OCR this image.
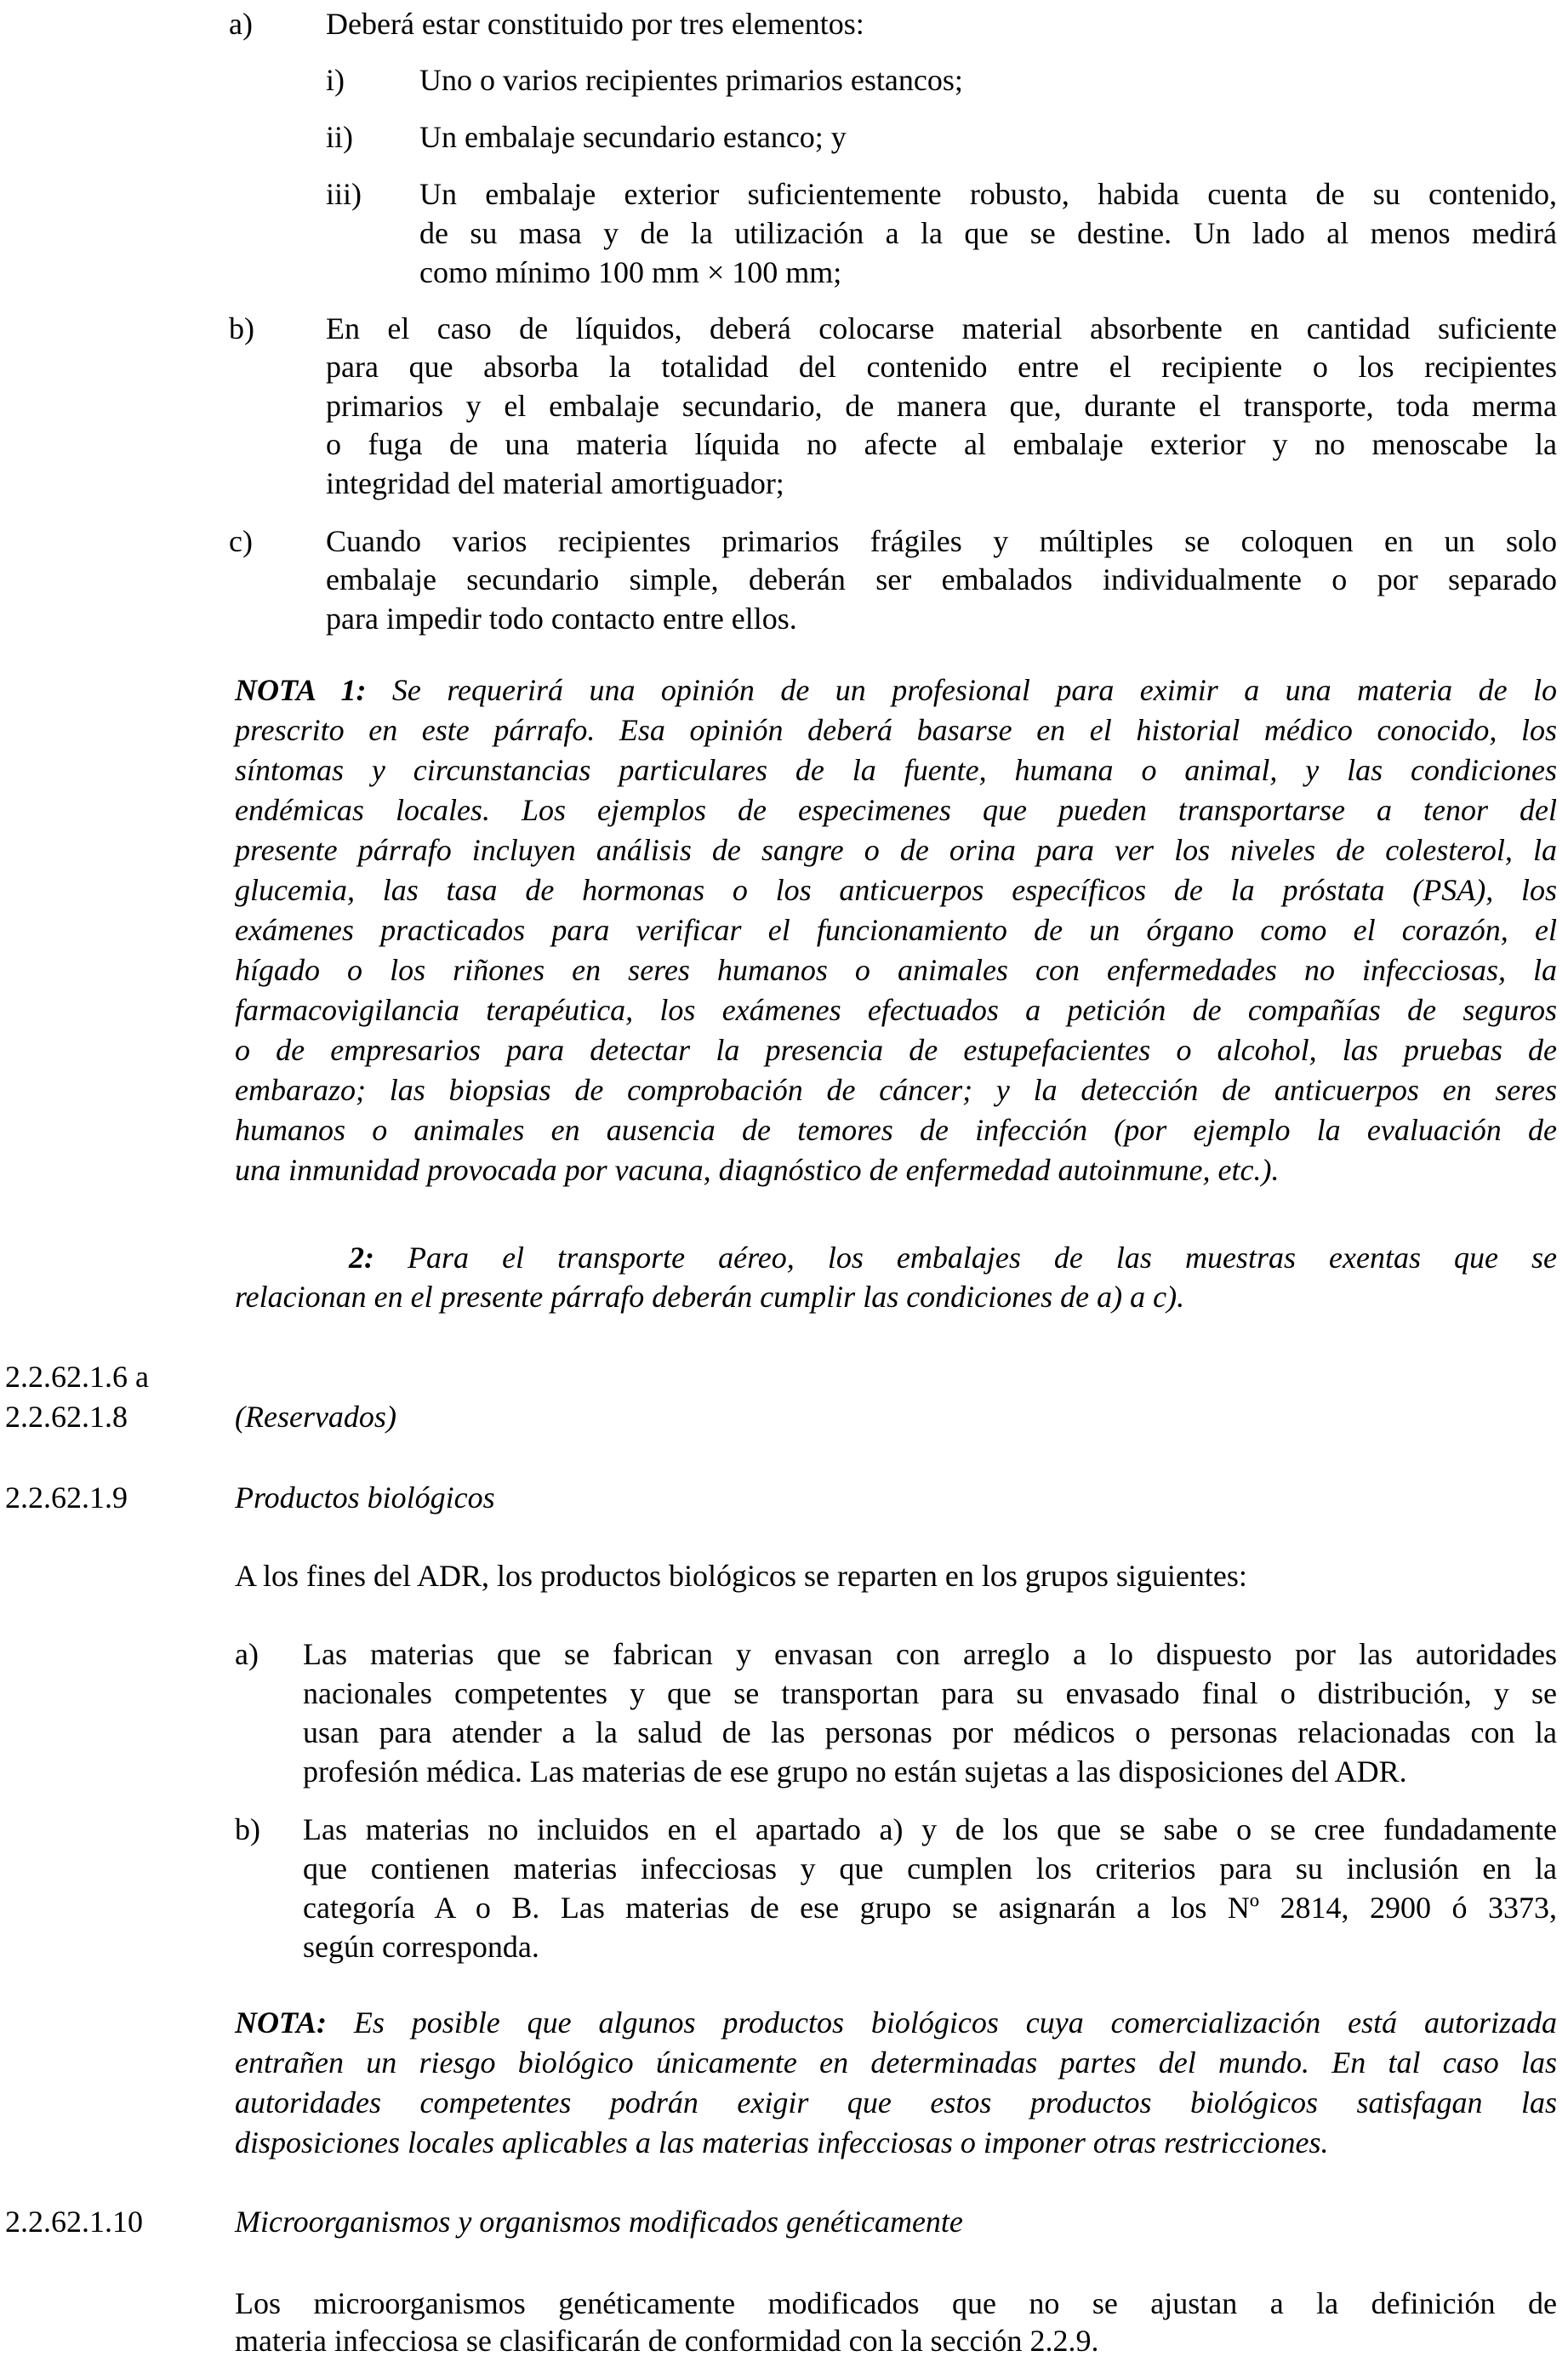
a) Deberá estar constituido por tres elementos:
i) Uno o varios recipientes primarios estancos;
ii) Un embalaje secundario estanco; y
iii) Un embalaje exterior suficientemente robusto, habida cuenta de su contenido,
de su masa y de la utilización a la que se destine. Un lado al menos medirá
como mínimo 100 mm × 100 mm;
b) En el caso de líquidos, deberá colocarse material absorbente en cantidad suficiente
para que absorba la totalidad del contenido entre el recipiente o los recipientes
primarios y el embalaje secundario, de manera que, durante el transporte, toda merma
o fuga de una materia líquida no afecte al embalaje exterior y no menoscabe la
integridad del material amortiguador;
c) Cuando varios recipientes primarios frágiles y múltiples se coloquen en un solo
embalaje secundario simple, deberán ser embalados individualmente o por separado
para impedir todo contacto entre ellos.
NOTA 1: Se requerirá una opinión de un profesional para eximir a una materia de lo
prescrito en este párrafo. Esa opinión deberá basarse en el historial médico conocido, los
síntomas y circunstancias particulares de la fuente, humana o animal, y las condiciones
endémicas locales. Los ejemplos de especimenes que pueden transportarse a tenor del
presente párrafo incluyen análisis de sangre o de orina para ver los niveles de colesterol, la
glucemia, las tasa de hormonas o los anticuerpos específicos de la próstata (PSA), los
exámenes practicados para verificar el funcionamiento de un órgano como el corazón, el
hígado o los riñones en seres humanos o animales con enfermedades no infecciosas, la
farmacovigilancia terapéutica, los exámenes efectuados a petición de compañías de seguros
o de empresarios para detectar la presencia de estupefacientes o alcohol, las pruebas de
embarazo; las biopsias de comprobación de cáncer; y la detección de anticuerpos en seres
humanos o animales en ausencia de temores de infección (por ejemplo la evaluación de
una inmunidad provocada por vacuna, diagnóstico de enfermedad autoinmune, etc.).
2: Para el transporte aéreo, los embalajes de las muestras exentas que se
relacionan en el presente párrafo deberán cumplir las condiciones de a) a c).
2.2.62.1.6 a
2.2.62.1.8	(Reservados)
2.2.62.1.9	Productos biológicos
A los fines del ADR, los productos biológicos se reparten en los grupos siguientes:
a) Las materias que se fabrican y envasan con arreglo a lo dispuesto por las autoridades
nacionales competentes y que se transportan para su envasado final o distribución, y se
usan para atender a la salud de las personas por médicos o personas relacionadas con la
profesión médica. Las materias de ese grupo no están sujetas a las disposiciones del ADR.
b) Las materias no incluidos en el apartado a) y de los que se sabe o se cree fundadamente
que contienen materias infecciosas y que cumplen los criterios para su inclusión en la
categoría A o B. Las materias de ese grupo se asignarán a los Nº 2814, 2900 ó 3373,
según corresponda.
NOTA: Es posible que algunos productos biológicos cuya comercialización está autorizada
entrañen un riesgo biológico únicamente en determinadas partes del mundo. En tal caso las
autoridades competentes podrán exigir que estos productos biológicos satisfagan las
disposiciones locales aplicables a las materias infecciosas o imponer otras restricciones.
2.2.62.1.10	Microorganismos y organismos modificados genéticamente
Los microorganismos genéticamente modificados que no se ajustan a la definición de
materia infecciosa se clasificarán de conformidad con la sección 2.2.9.
